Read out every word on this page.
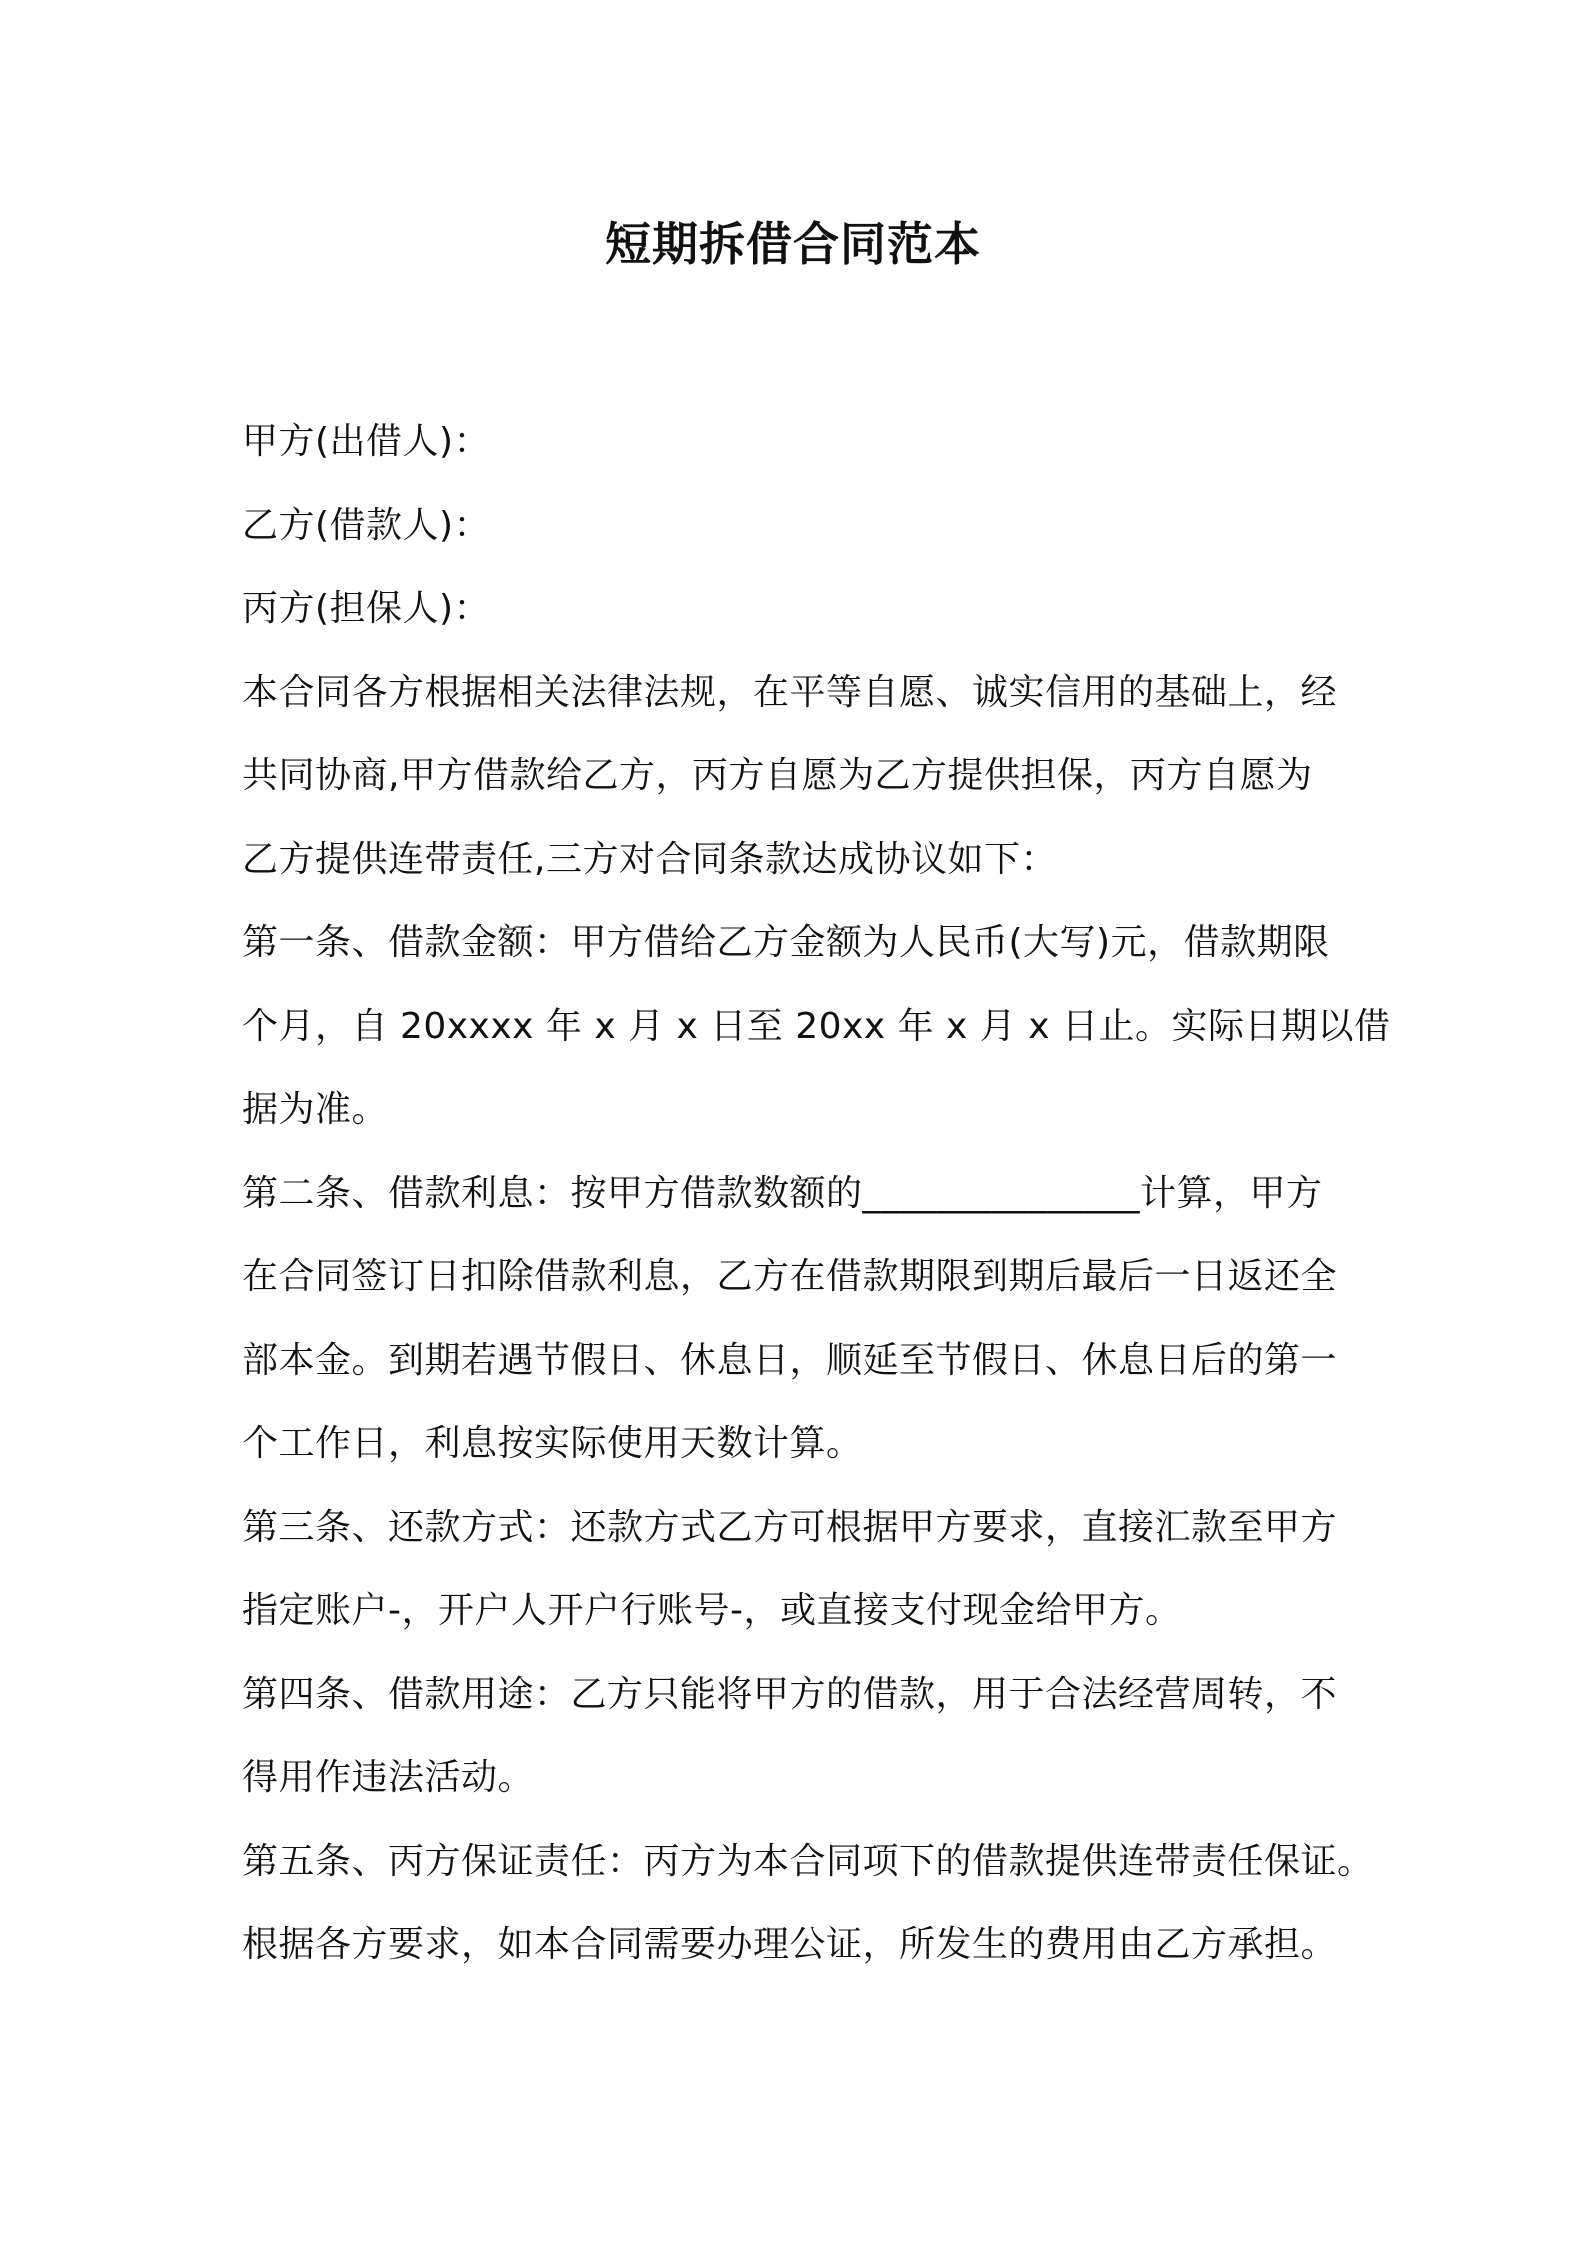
短期拆借合同范本
甲方(出借人)：
乙方(借款人)：
丙方(担保人)：
本合同各方根据相关法律法规，在平等自愿、诚实信用的基础上，经
共同协商,甲方借款给乙方，丙方自愿为乙方提供担保，丙方自愿为
乙方提供连带责任,三方对合同条款达成协议如下：
第一条、借款金额：甲方借给乙方金额为人民币(大写)元，借款期限
个月，自 20xxxx 年 x 月 x 日至 20xx 年 x 月 x 日止。实际日期以借
据为准。
第二条、借款利息：按甲方借款数额的_______________计算，甲方
在合同签订日扣除借款利息，乙方在借款期限到期后最后一日返还全
部本金。到期若遇节假日、休息日，顺延至节假日、休息日后的第一
个工作日，利息按实际使用天数计算。
第三条、还款方式：还款方式乙方可根据甲方要求，直接汇款至甲方
指定账户-，开户人开户行账号-，或直接支付现金给甲方。
第四条、借款用途：乙方只能将甲方的借款，用于合法经营周转，不
得用作违法活动。
第五条、丙方保证责任：丙方为本合同项下的借款提供连带责任保证。
根据各方要求，如本合同需要办理公证，所发生的费用由乙方承担。
